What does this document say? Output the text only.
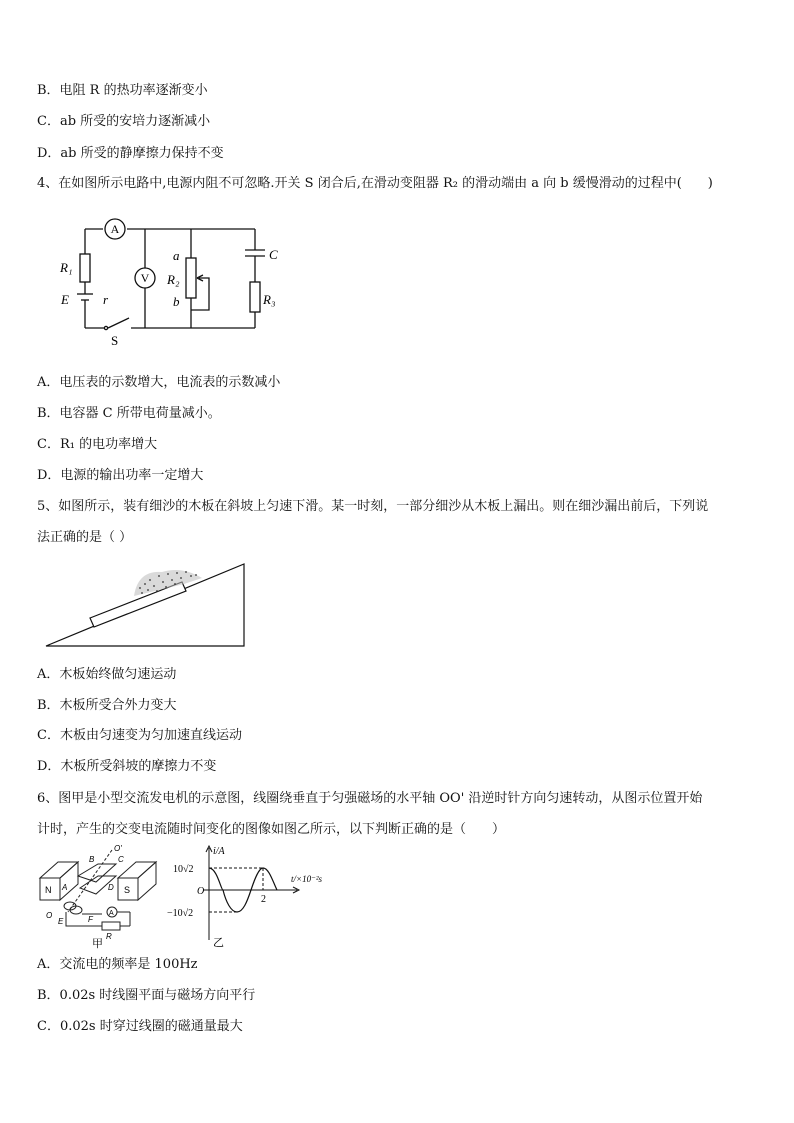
B．电阻 R 的热功率逐渐变小
C．ab 所受的安培力逐渐减小
D．ab 所受的静摩擦力保持不变
4、在如图所示电路中,电源内阻不可忽略.开关 S 闭合后,在滑动变阻器 R₂ 的滑动端由 a 向 b 缓慢滑动的过程中(　　)
A
V
R₁
E	r
S
a
R₂
b
C
R₃
A．电压表的示数增大，电流表的示数减小
B．电容器 C 所带电荷量减小。
C．R₁ 的电功率增大
D．电源的输出功率一定增大
5、如图所示，装有细沙的木板在斜坡上匀速下滑。某一时刻，一部分细沙从木板上漏出。则在细沙漏出前后，下列说
法正确的是（ ）
A．木板始终做匀速运动
B．木板所受合外力变大
C．木板由匀速变为匀加速直线运动
D．木板所受斜坡的摩擦力不变
6、图甲是小型交流发电机的示意图，线圈绕垂直于匀强磁场的水平轴 OO' 沿逆时针方向匀速转动，从图示位置开始
计时，产生的交变电流随时间变化的图像如图乙所示，以下判断正确的是（　　）
N	S
A
B	C
D
O'
O
E	F
R
A
甲
i/A
t/×10⁻²s
10√2
−10√2
O
2
乙
A．交流电的频率是 100Hz
B．0.02s 时线圈平面与磁场方向平行
C．0.02s 时穿过线圈的磁通量最大
